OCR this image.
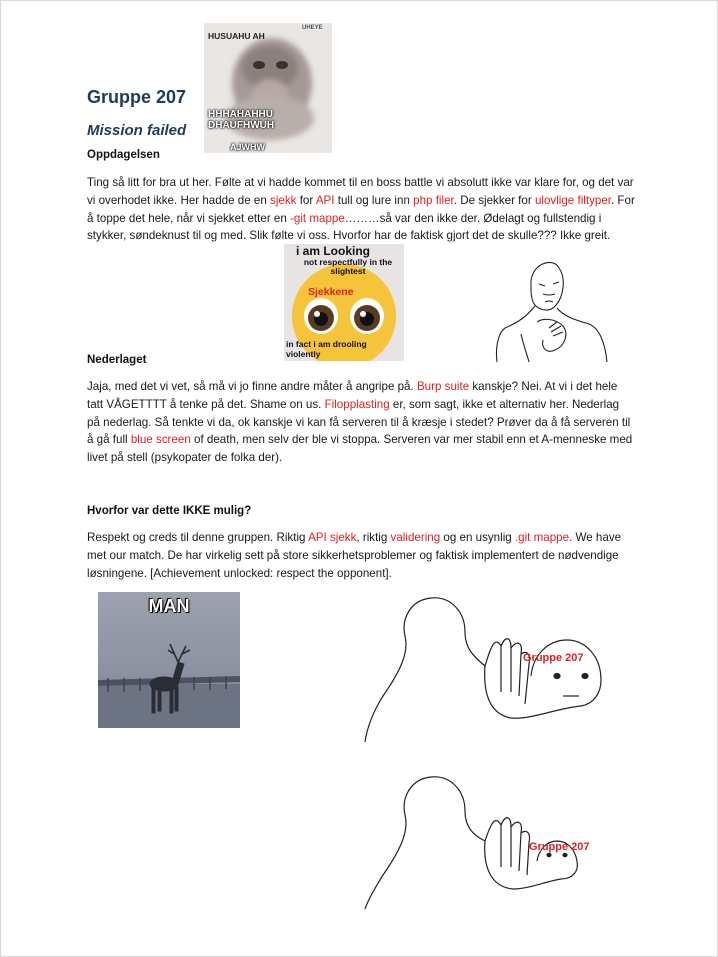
HUSUAHU AH
UHEYE
HHHAHAHHU DHAUFHWUH
AJWHW
Gruppe 207
Mission failed
Oppdagelsen

Ting så litt for bra ut her. Følte at vi hadde kommet til en boss battle vi absolutt ikke var klare for, og det var vi overhodet ikke. Her hadde de en sjekk for API tull og lure inn php filer. De sjekker for ulovlige filtyper. For å toppe det hele, når vi sjekket etter en -git mappe………så var den ikke der. Ødelagt og fullstendig i stykker, søndeknust til og med. Slik følte vi oss. Hvorfor har de faktisk gjort det de skulle??? Ikke greit.

i am Looking
not respectfully in the slightest
Sjekkene
in fact i am drooling violently
Nederlaget

Jaja, med det vi vet, så må vi jo finne andre måter å angripe på. Burp suite kanskje? Nei. At vi i det hele tatt VÅGETTTT å tenke på det. Shame on us. Filopplasting er, som sagt, ikke et alternativ her. Nederlag på nederlag. Så tenkte vi da, ok kanskje vi kan få serveren til å kræsje i stedet? Prøver da å få serveren til å gå full blue screen of death, men selv der ble vi stoppa. Serveren var mer stabil enn et A-menneske med livet på stell (psykopater de folka der).

Hvorfor var dette IKKE mulig?

Respekt og creds til denne gruppen. Riktig API sjekk, riktig validering og en usynlig .git mappe. We have met our match. De har virkelig sett på store sikkerhetsproblemer og faktisk implementert de nødvendige løsningene. [Achievement unlocked: respect the opponent].

MAN
Gruppe 207
Gruppe 207
